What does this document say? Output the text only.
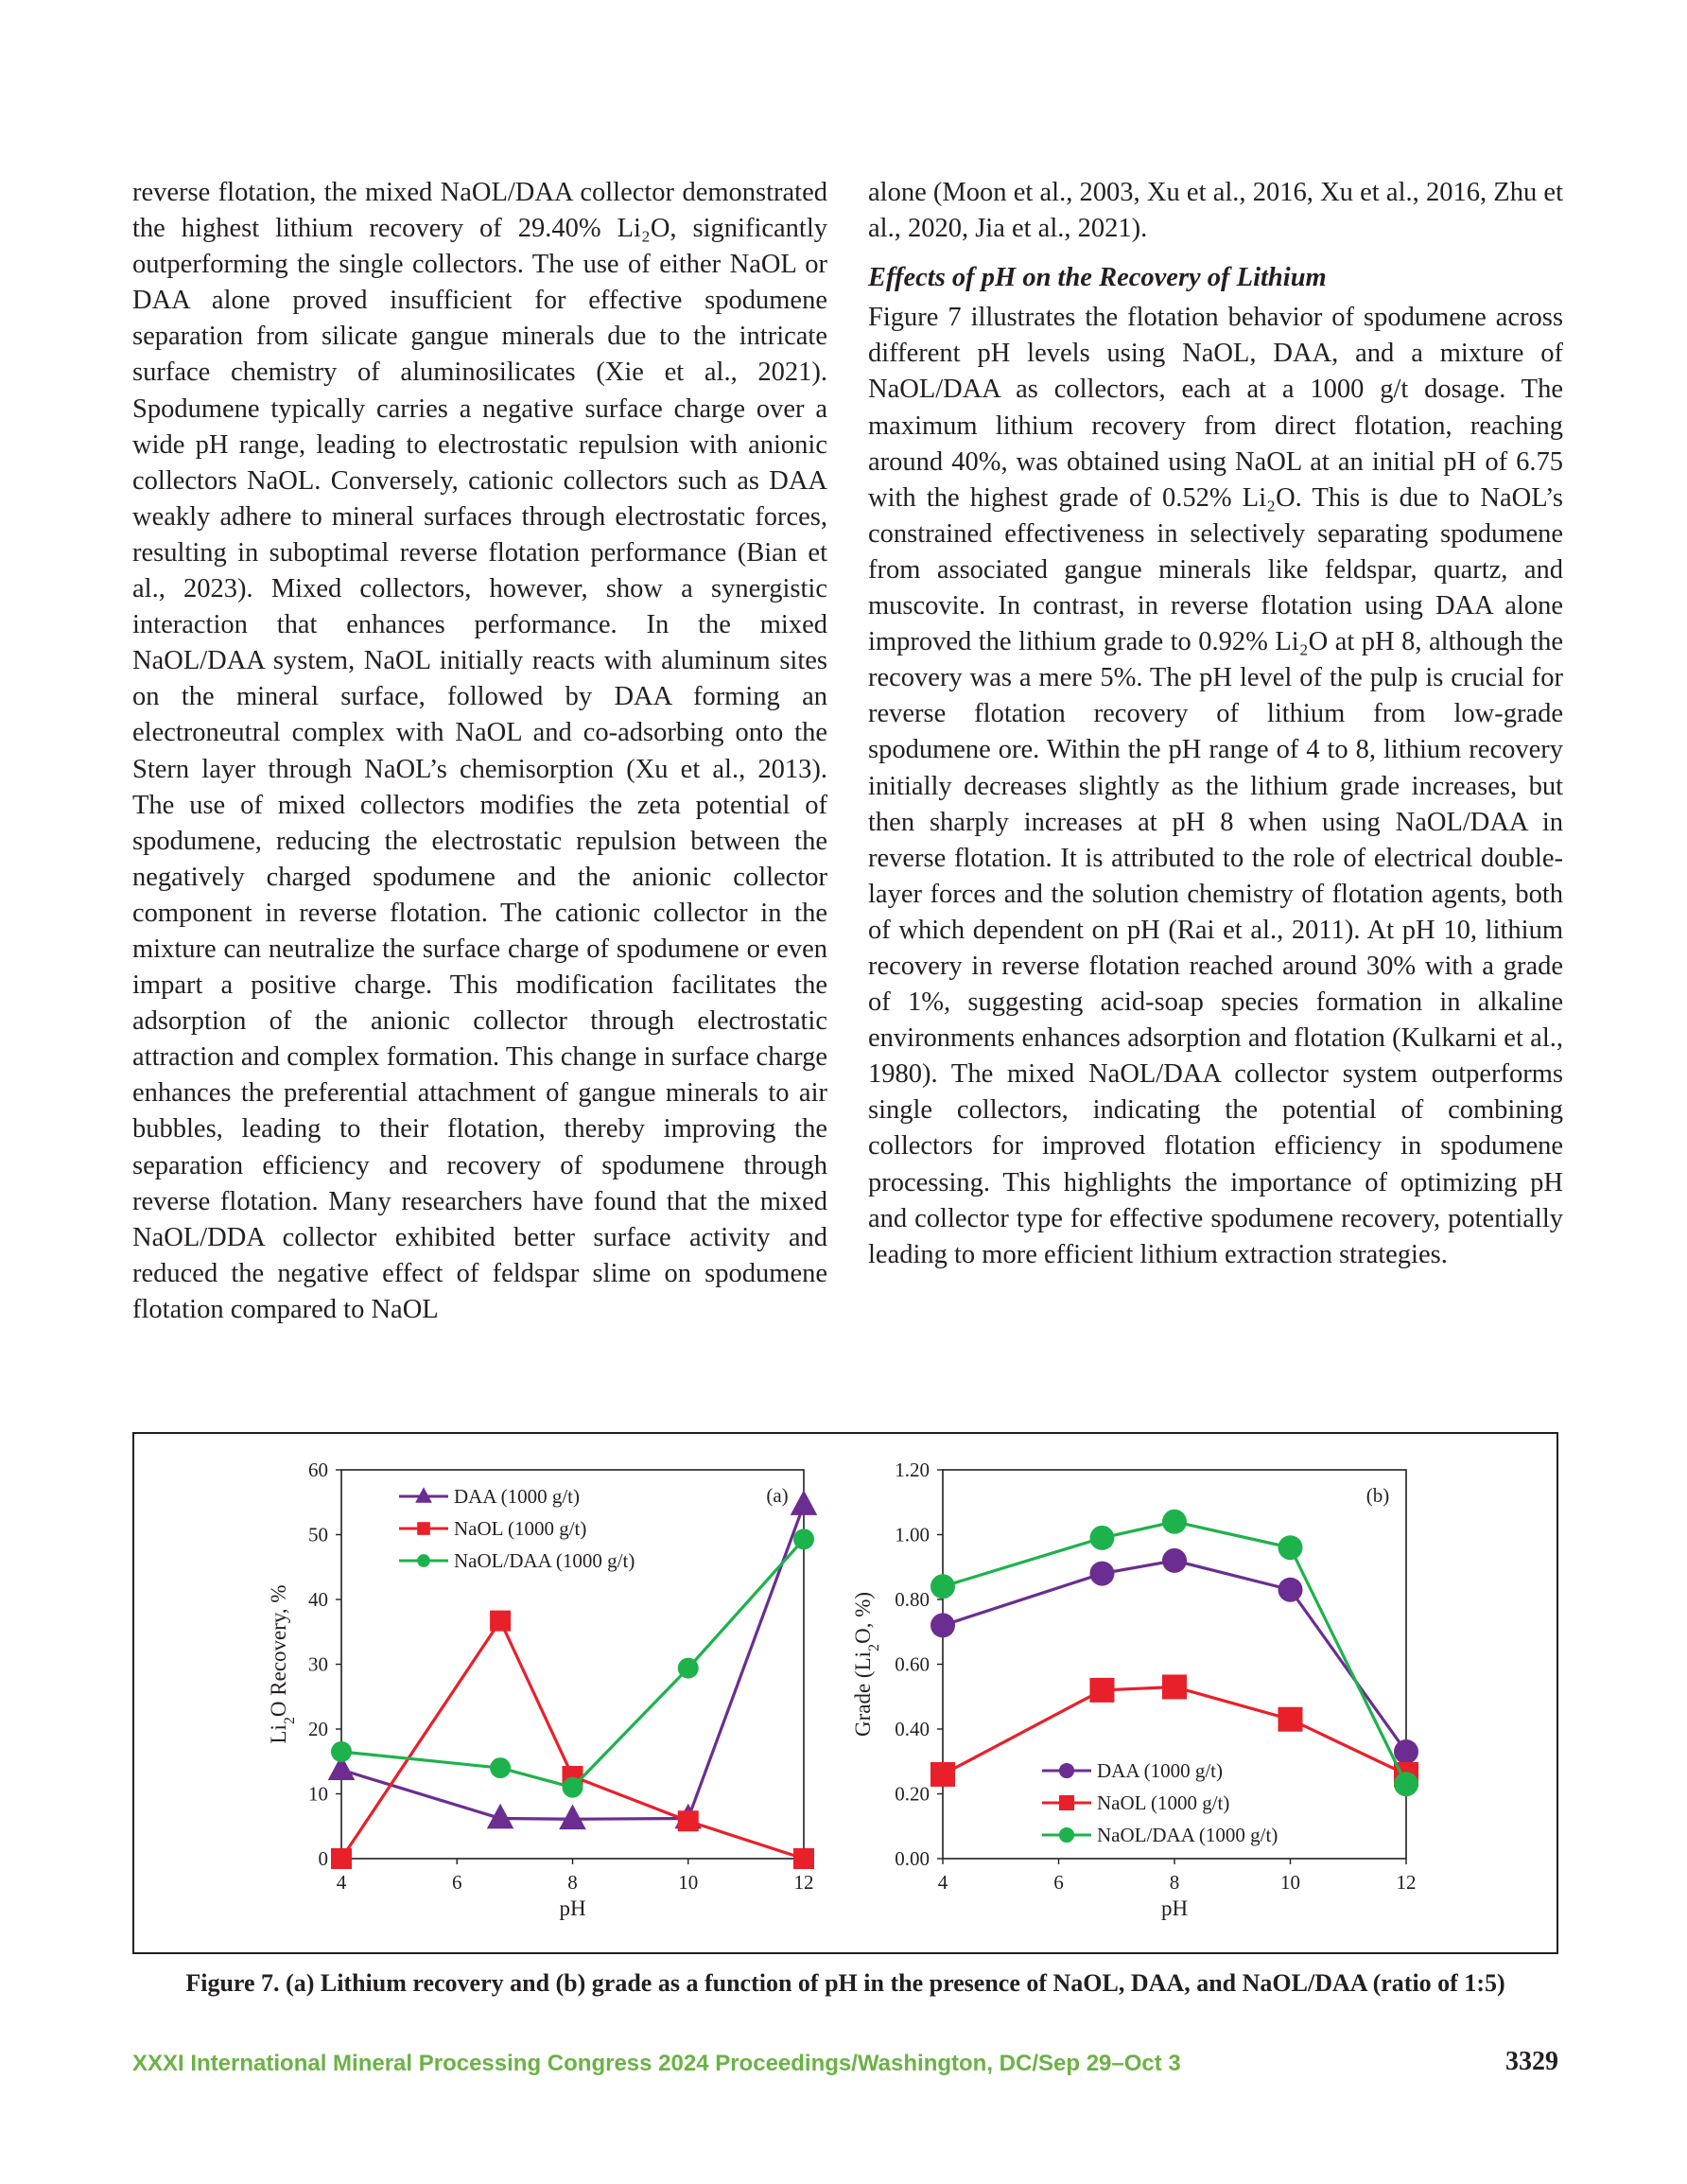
reverse flotation, the mixed NaOL/DAA collector demonstrated the highest lithium recovery of 29.40% Li₂O, significantly outperforming the single collectors. The use of either NaOL or DAA alone proved insufficient for effective spodumene separation from silicate gangue minerals due to the intricate surface chemistry of aluminosilicates (Xie et al., 2021). Spodumene typically carries a negative surface charge over a wide pH range, leading to electrostatic repulsion with anionic collectors NaOL. Conversely, cationic collectors such as DAA weakly adhere to mineral surfaces through electrostatic forces, resulting in suboptimal reverse flotation performance (Bian et al., 2023). Mixed collectors, however, show a synergistic interaction that enhances performance. In the mixed NaOL/DAA system, NaOL initially reacts with aluminum sites on the mineral surface, followed by DAA forming an electroneutral complex with NaOL and co-adsorbing onto the Stern layer through NaOL’s chemisorption (Xu et al., 2013). The use of mixed collectors modifies the zeta potential of spodumene, reducing the electrostatic repulsion between the negatively charged spodumene and the anionic collector component in reverse flotation. The cationic collector in the mixture can neutralize the surface charge of spodumene or even impart a positive charge. This modification facilitates the adsorption of the anionic collector through electrostatic attraction and complex formation. This change in surface charge enhances the preferential attachment of gangue minerals to air bubbles, leading to their flotation, thereby improving the separation efficiency and recovery of spodumene through reverse flotation. Many researchers have found that the mixed NaOL/DDA collector exhibited better surface activity and reduced the negative effect of feldspar slime on spodumene flotation compared to NaOL

alone (Moon et al., 2003, Xu et al., 2016, Xu et al., 2016, Zhu et al., 2020, Jia et al., 2021).

Effects of pH on the Recovery of Lithium

Figure 7 illustrates the flotation behavior of spodumene across different pH levels using NaOL, DAA, and a mixture of NaOL/DAA as collectors, each at a 1000 g/t dosage. The maximum lithium recovery from direct flotation, reaching around 40%, was obtained using NaOL at an initial pH of 6.75 with the highest grade of 0.52% Li₂O. This is due to NaOL’s constrained effectiveness in selectively separating spodumene from associated gangue minerals like feldspar, quartz, and muscovite. In contrast, in reverse flotation using DAA alone improved the lithium grade to 0.92% Li₂O at pH 8, although the recovery was a mere 5%. The pH level of the pulp is crucial for reverse flotation recovery of lithium from low-grade spodumene ore. Within the pH range of 4 to 8, lithium recovery initially decreases slightly as the lithium grade increases, but then sharply increases at pH 8 when using NaOL/DAA in reverse flotation. It is attributed to the role of electrical double-layer forces and the solution chemistry of flotation agents, both of which dependent on pH (Rai et al., 2011). At pH 10, lithium recovery in reverse flotation reached around 30% with a grade of 1%, suggesting acid-soap species formation in alkaline environments enhances adsorption and flotation (Kulkarni et al., 1980). The mixed NaOL/DAA collector system outperforms single collectors, indicating the potential of combining collectors for improved flotation efficiency in spodumene processing. This highlights the importance of optimizing pH and collector type for effective spodumene recovery, potentially leading to more efficient lithium extraction strategies.

0
10
20
30
40
50
60
4	6	8	10	12
pH
$Li_2O$ Recovery, %
(a)
DAA (1000 g/t)
NaOL (1000 g/t)
NaOL/DAA (1000 g/t)
0.00
0.20
0.40
0.60
0.80
1.00
1.20
4	6	8	10	12
pH
Grade ($Li_2O$, %)
(b)
DAA (1000 g/t)
NaOL (1000 g/t)
NaOL/DAA (1000 g/t)
Figure 7. (a) Lithium recovery and (b) grade as a function of pH in the presence of NaOL, DAA, and NaOL/DAA (ratio of 1:5)
XXXI International Mineral Processing Congress 2024 Proceedings/Washington, DC/Sep 29–Oct 3	3329
